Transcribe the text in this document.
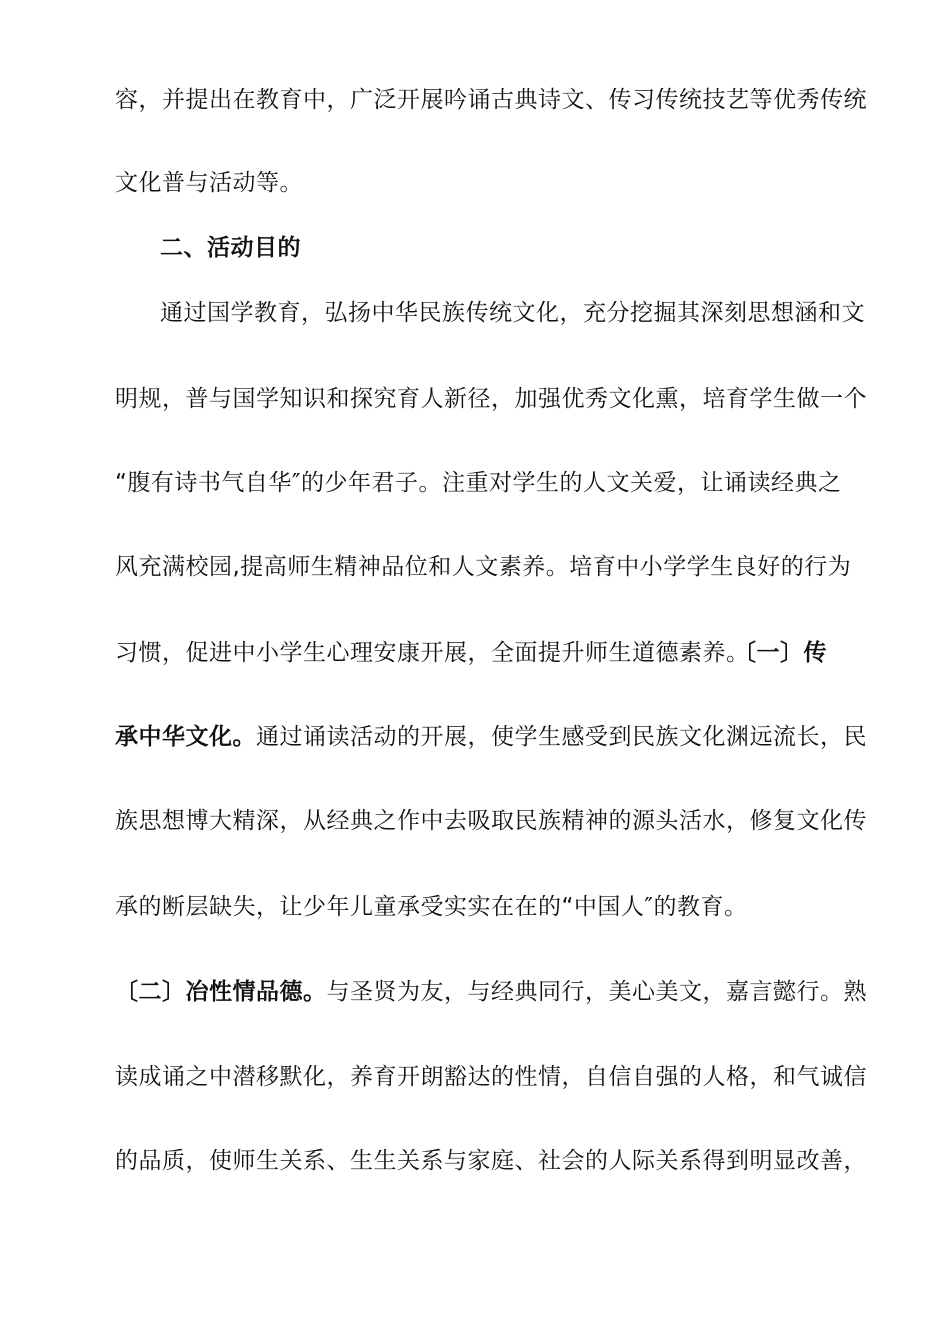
容，并提出在教育中，广泛开展吟诵古典诗文、传习传统技艺等优秀传统
文化普与活动等。
二、活动目的
通过国学教育，弘扬中华民族传统文化，充分挖掘其深刻思想涵和文
明规，普与国学知识和探究育人新径，加强优秀文化熏，培育学生做一个
“腹有诗书气自华″的少年君子。注重对学生的人文关爱，让诵读经典之
风充满校园,提高师生精神品位和人文素养。培育中小学学生良好的行为
习惯，促进中小学生心理安康开展，全面提升师生道德素养。
〔一〕传
承中华文化。 通过诵读活动的开展，使学生感受到民族文化渊远流长，民
族思想博大精深，从经典之作中去吸取民族精神的源头活水，修复文化传
承的断层缺失，让少年儿童承受实实在在的“中国人″的教育。
〔二〕冶性情品德。 与圣贤为友，与经典同行，美心美文，嘉言懿行。熟
读成诵之中潜移默化，养育开朗豁达的性情，自信自强的人格，和气诚信
的品质，使师生关系、生生关系与家庭、社会的人际关系得到明显改善，
